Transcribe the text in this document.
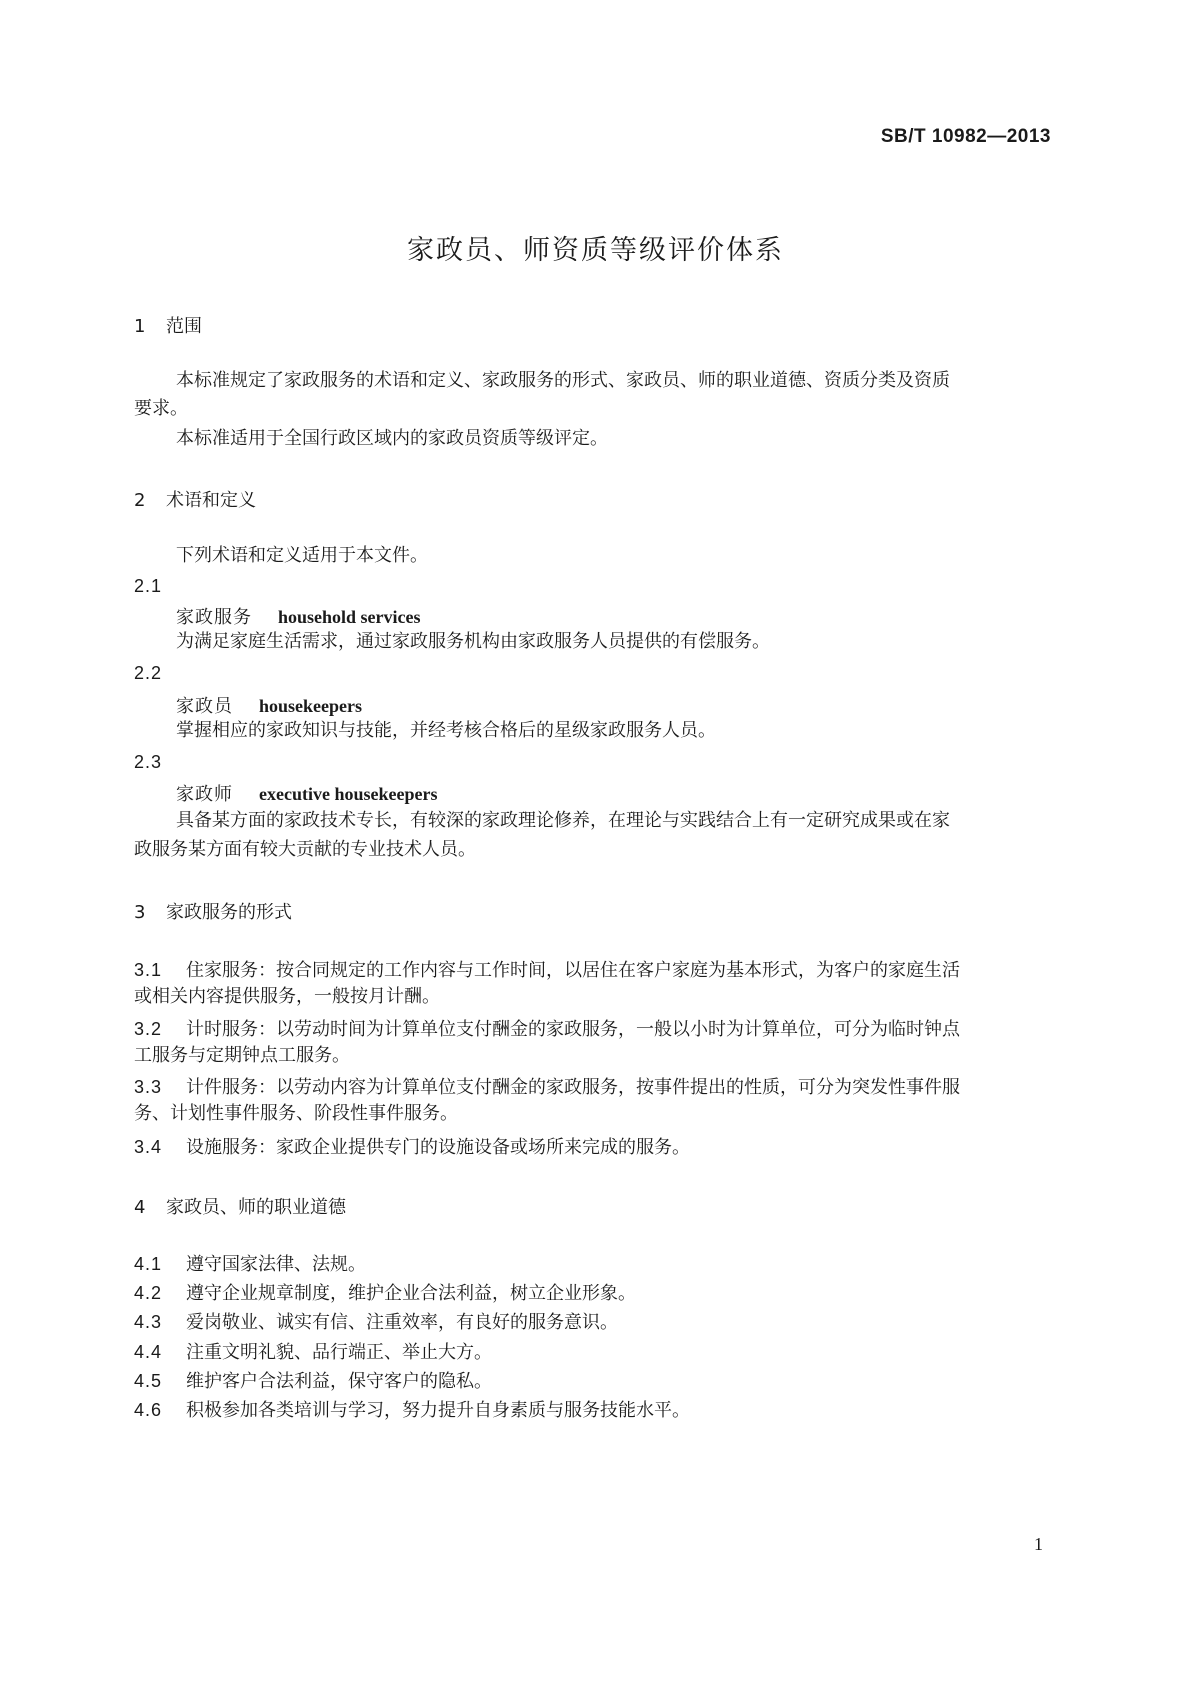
SB/T 10982—2013
家政员、师资质等级评价体系
1 范围
本标准规定了家政服务的术语和定义、家政服务的形式、家政员、师的职业道德、资质分类及资质
要求。
本标准适用于全国行政区域内的家政员资质等级评定。
2 术语和定义
下列术语和定义适用于本文件。
2.1
家政服务 household services
为满足家庭生活需求，通过家政服务机构由家政服务人员提供的有偿服务。
2.2
家政员 housekeepers
掌握相应的家政知识与技能，并经考核合格后的星级家政服务人员。
2.3
家政师 executive housekeepers
具备某方面的家政技术专长，有较深的家政理论修养，在理论与实践结合上有一定研究成果或在家
政服务某方面有较大贡献的专业技术人员。
3 家政服务的形式
3.1 住家服务：按合同规定的工作内容与工作时间，以居住在客户家庭为基本形式，为客户的家庭生活
或相关内容提供服务，一般按月计酬。
3.2 计时服务：以劳动时间为计算单位支付酬金的家政服务，一般以小时为计算单位，可分为临时钟点
工服务与定期钟点工服务。
3.3 计件服务：以劳动内容为计算单位支付酬金的家政服务，按事件提出的性质，可分为突发性事件服
务、计划性事件服务、阶段性事件服务。
3.4 设施服务：家政企业提供专门的设施设备或场所来完成的服务。
4 家政员、师的职业道德
4.1 遵守国家法律、法规。
4.2 遵守企业规章制度，维护企业合法利益，树立企业形象。
4.3 爱岗敬业、诚实有信、注重效率，有良好的服务意识。
4.4 注重文明礼貌、品行端正、举止大方。
4.5 维护客户合法利益，保守客户的隐私。
4.6 积极参加各类培训与学习，努力提升自身素质与服务技能水平。
1
